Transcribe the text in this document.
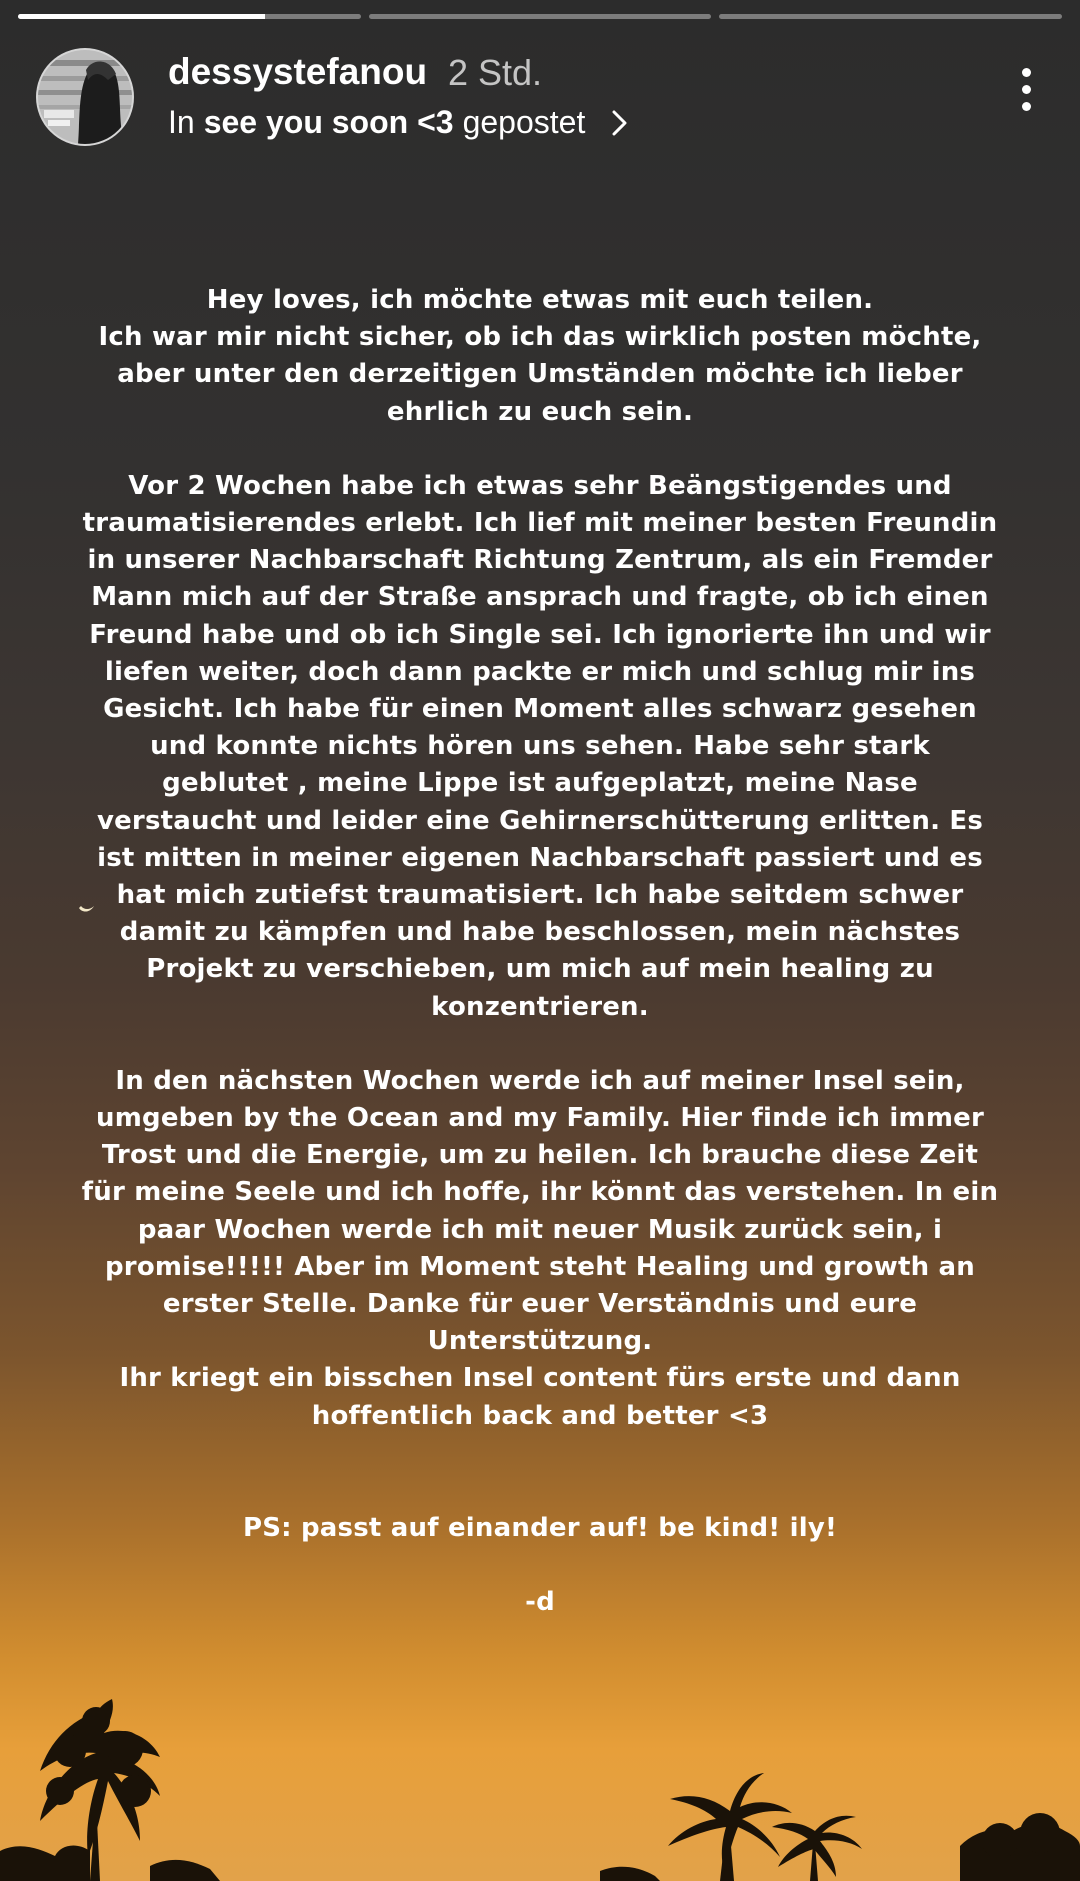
dessystefanou 2 Std.
In see you soon <3 gepostet

Hey loves, ich möchte etwas mit euch teilen.
Ich war mir nicht sicher, ob ich das wirklich posten möchte,
aber unter den derzeitigen Umständen möchte ich lieber
ehrlich zu euch sein.

Vor 2 Wochen habe ich etwas sehr Beängstigendes und
traumatisierendes erlebt. Ich lief mit meiner besten Freundin
in unserer Nachbarschaft Richtung Zentrum, als ein Fremder
Mann mich auf der Straße ansprach und fragte, ob ich einen
Freund habe und ob ich Single sei. Ich ignorierte ihn und wir
liefen weiter, doch dann packte er mich und schlug mir ins
Gesicht. Ich habe für einen Moment alles schwarz gesehen
und konnte nichts hören uns sehen. Habe sehr stark
geblutet , meine Lippe ist aufgeplatzt, meine Nase
verstaucht und leider eine Gehirnerschütterung erlitten. Es
ist mitten in meiner eigenen Nachbarschaft passiert und es
hat mich zutiefst traumatisiert. Ich habe seitdem schwer
damit zu kämpfen und habe beschlossen, mein nächstes
Projekt zu verschieben, um mich auf mein healing zu
konzentrieren.

In den nächsten Wochen werde ich auf meiner Insel sein,
umgeben by the Ocean and my Family. Hier finde ich immer
Trost und die Energie, um zu heilen. Ich brauche diese Zeit
für meine Seele und ich hoffe, ihr könnt das verstehen. In ein
paar Wochen werde ich mit neuer Musik zurück sein, i
promise!!!!! Aber im Moment steht Healing und growth an
erster Stelle. Danke für euer Verständnis und eure
Unterstützung.
Ihr kriegt ein bisschen Insel content fürs erste und dann
hoffentlich back and better <3

PS: passt auf einander auf! be kind! ily!

-d
